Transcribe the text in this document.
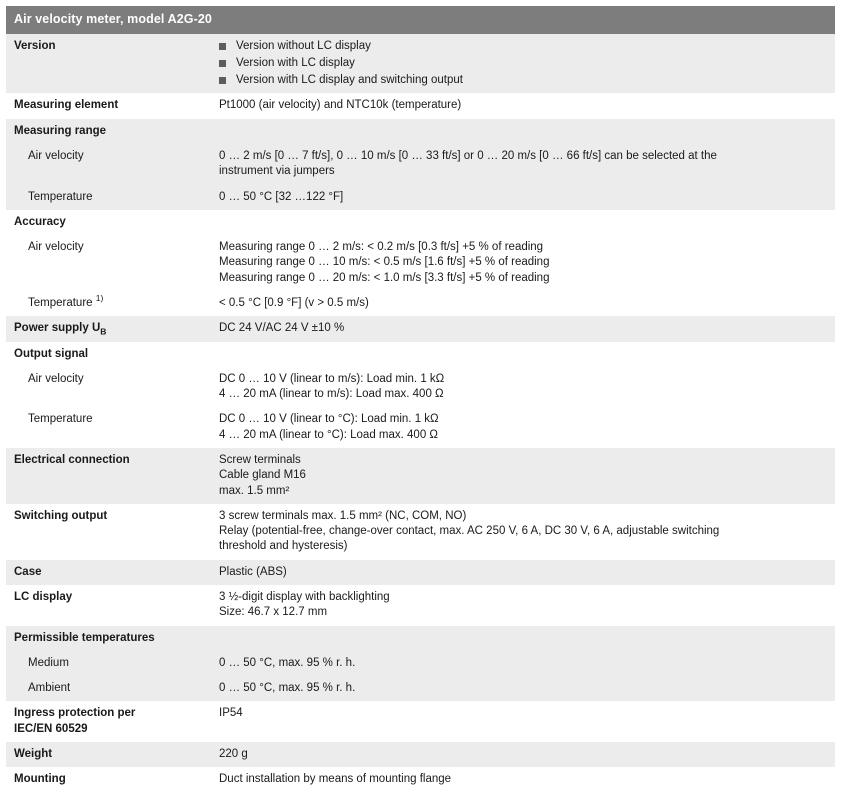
Air velocity meter, model A2G-20	
Version	Version without LC display
Version with LC display
Version with LC display and switching output

Measuring element	Pt1000 (air velocity) and NTC10k (temperature)

Measuring range	
Air velocity	0 … 2 m/s [0 … 7 ft/s], 0 … 10 m/s [0 … 33 ft/s] or 0 … 20 m/s [0 … 66 ft/s] can be selected at the
instrument via jumpers

Temperature	0 … 50 °C [32 …122 °F]

Accuracy	
Air velocity	Measuring range 0 … 2 m/s: < 0.2 m/s [0.3 ft/s] +5 % of reading
Measuring range 0 … 10 m/s: < 0.5 m/s [1.6 ft/s] +5 % of reading
Measuring range 0 … 20 m/s: < 1.0 m/s [3.3 ft/s] +5 % of reading

Temperature $^{1)}$	< 0.5 °C [0.9 °F] (v > 0.5 m/s)

Power supply $U_B$	DC 24 V/AC 24 V ±10 %

Output signal	
Air velocity	DC 0 … 10 V (linear to m/s): Load min. 1 kΩ
4 … 20 mA (linear to m/s): Load max. 400 Ω

Temperature	DC 0 … 10 V (linear to °C): Load min. 1 kΩ
4 … 20 mA (linear to °C): Load max. 400 Ω

Electrical connection	Screw terminals
Cable gland M16
max. 1.5 mm²

Switching output	3 screw terminals max. 1.5 mm² (NC, COM, NO)
Relay (potential-free, change-over contact, max. AC 250 V, 6 A, DC 30 V, 6 A, adjustable switching
threshold and hysteresis)

Case	Plastic (ABS)

LC display	3 ½-digit display with backlighting
Size: 46.7 x 12.7 mm

Permissible temperatures	
Medium	0 … 50 °C, max. 95 % r. h.

Ambient	0 … 50 °C, max. 95 % r. h.

Ingress protection per
IEC/EN 60529	IP54

Weight	220 g

Mounting	Duct installation by means of mounting flange
